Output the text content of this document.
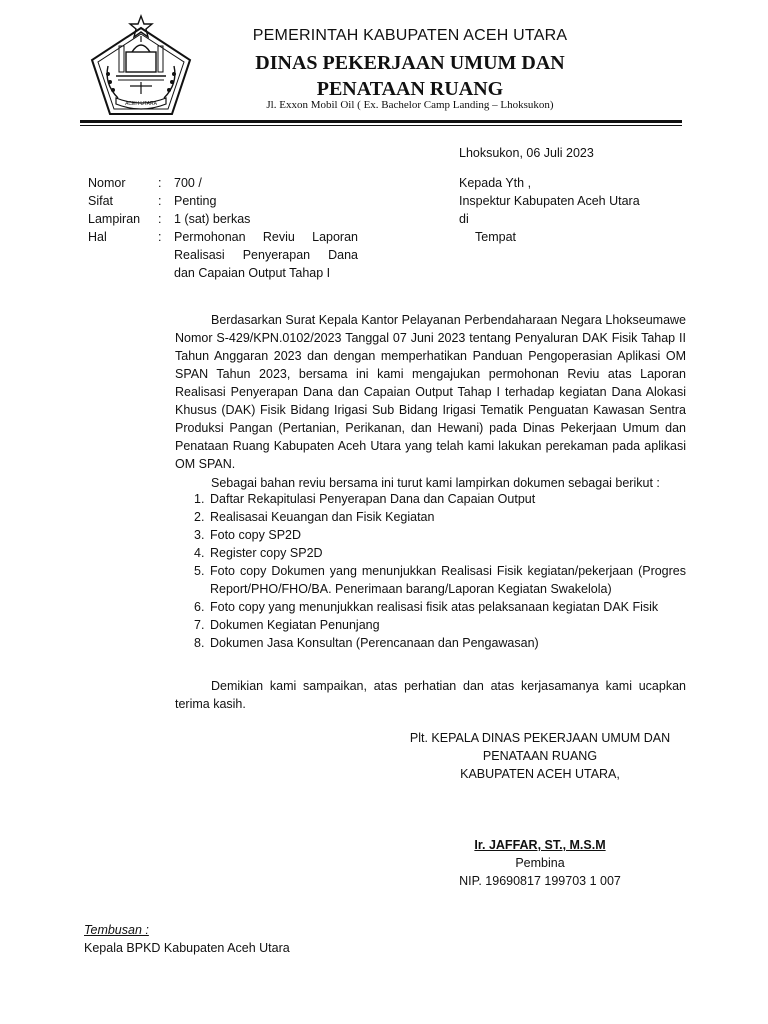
ACEH UTARA
PEMERINTAH KABUPATEN ACEH UTARA
DINAS PEKERJAAN UMUM DAN
PENATAAN RUANG
Jl. Exxon Mobil Oil ( Ex. Bachelor Camp Landing – Lhoksukon)
Lhoksukon, 06 Juli 2023
Nomor	:	700 /
Sifat	:	Penting
Lampiran	:	1 (sat) berkas
Hal	:	Permohonan Reviu Laporan
Realisasi Penyerapan Dana
dan Capaian Output Tahap I
Kepada Yth ,
Inspektur Kabupaten Aceh Utara
di
Tempat
Berdasarkan Surat Kepala Kantor Pelayanan Perbendaharaan Negara Lhokseumawe Nomor S-429/KPN.0102/2023 Tanggal 07 Juni 2023 tentang Penyaluran DAK Fisik Tahap II Tahun Anggaran 2023 dan dengan memperhatikan Panduan Pengoperasian Aplikasi OM SPAN Tahun 2023, bersama ini kami mengajukan permohonan Reviu atas Laporan Realisasi Penyerapan Dana dan Capaian Output Tahap I terhadap kegiatan Dana Alokasi Khusus (DAK) Fisik Bidang Irigasi Sub Bidang Irigasi Tematik Penguatan Kawasan Sentra Produksi Pangan (Pertanian, Perikanan, dan Hewani) pada Dinas Pekerjaan Umum dan Penataan Ruang Kabupaten Aceh Utara yang telah kami lakukan perekaman pada aplikasi OM SPAN.
Sebagai bahan reviu bersama ini turut kami lampirkan dokumen sebagai berikut :
1. Daftar Rekapitulasi Penyerapan Dana dan Capaian Output
2. Realisasai Keuangan dan Fisik Kegiatan
3. Foto copy SP2D
4. Register copy SP2D
5. Foto copy Dokumen yang menunjukkan Realisasi Fisik kegiatan/pekerjaan (Progres Report/PHO/FHO/BA. Penerimaan barang/Laporan Kegiatan Swakelola)
6. Foto copy yang menunjukkan realisasi fisik atas pelaksanaan kegiatan DAK Fisik
7. Dokumen Kegiatan Penunjang
8. Dokumen Jasa Konsultan (Perencanaan dan Pengawasan)
Demikian kami sampaikan, atas perhatian dan atas kerjasamanya kami ucapkan terima kasih.
Plt. KEPALA DINAS PEKERJAAN UMUM DAN
PENATAAN RUANG
KABUPATEN ACEH UTARA,
Ir. JAFFAR, ST., M.S.M
Pembina
NIP. 19690817 199703 1 007
Tembusan :
Kepala BPKD Kabupaten Aceh Utara
